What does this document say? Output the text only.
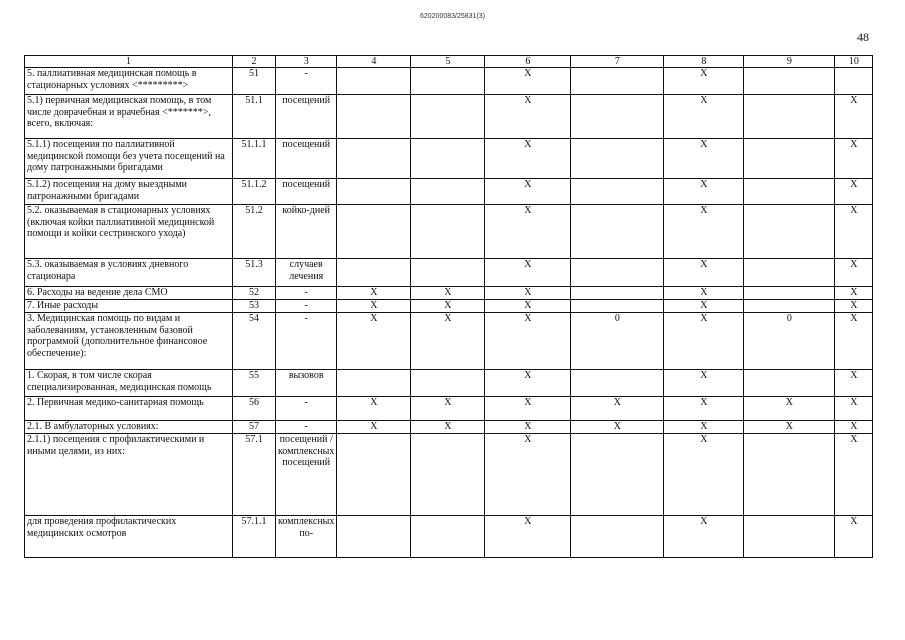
620200083/25831(3)
48
1	2	3	4	5	6	7	8	9	10
5. паллиативная медицинская помощь в стационарных условиях <*********>	51	-			X		X		
5.1) первичная медицинская помощь, в том числе доврачебная и врачебная <*******>, всего, включая:	51.1	посещений			X		X		X
5.1.1) посещения по паллиативной медицинской помощи без учета посещений на дому патронажными бригадами	51.1.1	посещений			X		X		X
5.1.2) посещения на дому выездными патронажными бригадами	51.1.2	посещений			X		X		X
5.2. оказываемая в стационарных условиях (включая койки паллиативной медицинской помощи и койки сестринского ухода)	51.2	койко-дней			X		X		X
5.3. оказываемая в условиях дневного стационара	51.3	случаев лечения			X		X		X
6. Расходы на ведение дела СМО	52	-	X	X	X		X		X
7. Иные расходы	53	-	X	X	X		X		X
3. Медицинская помощь по видам и заболеваниям, установленным базовой программой (дополнительное финансовое обеспечение):	54	-	X	X	X	0	X	0	X
1. Скорая, в том числе скорая специализированная, медицинская помощь	55	вызовов			X		X		X
2. Первичная медико-санитарная помощь	56	-	X	X	X	X	X	X	X
2.1. В амбулаторных условиях:	57	-	X	X	X	X	X	X	X
2.1.1) посещения с профилактическими и иными целями, из них:	57.1	посещений / комплексных посещений			X		X		X
для проведения профилактических медицинских осмотров	57.1.1	комплексных по-			X		X		X
